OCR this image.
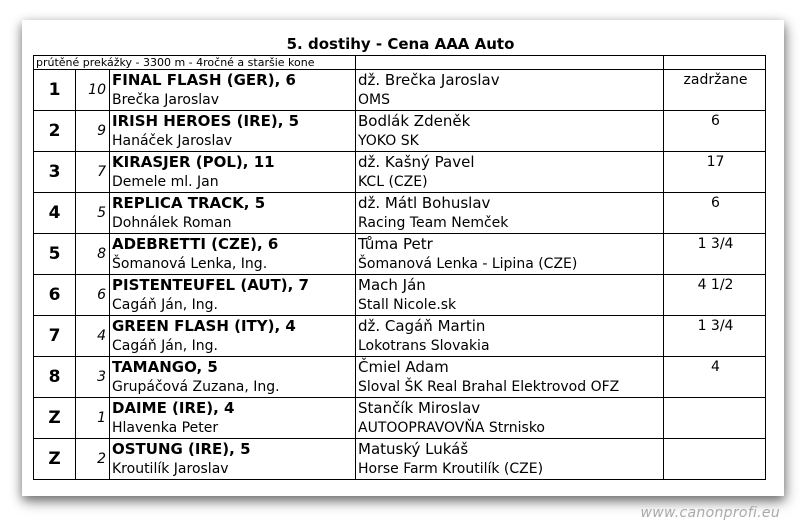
5. dostihy - Cena AAA Auto				
prútěné prekážky - 3300 m - 4ročné a staršie kone				
1	10	FINAL FLASH (GER), 6	dž. Brečka Jaroslav	zadržane
		Brečka Jaroslav	OMS	
2	9	IRISH HEROES (IRE), 5	Bodlák Zdeněk	6
		Hanáček Jaroslav	YOKO SK	
3	7	KIRASJER (POL), 11	dž. Kašný Pavel	17
		Demele ml. Jan	KCL (CZE)	
4	5	REPLICA TRACK, 5	dž. Mátl Bohuslav	6
		Dohnálek Roman	Racing Team Nemček	
5	8	ADEBRETTI (CZE), 6	Tůma Petr	1 3/4
		Šomanová Lenka, Ing.	Šomanová Lenka - Lipina (CZE)	
6	6	PISTENTEUFEL (AUT), 7	Mach Ján	4 1/2
		Cagáň Ján, Ing.	Stall Nicole.sk	
7	4	GREEN FLASH (ITY), 4	dž. Cagáň Martin	1 3/4
		Cagáň Ján, Ing.	Lokotrans Slovakia	
8	3	TAMANGO, 5	Čmiel Adam	4
		Grupáčová Zuzana, Ing.	Sloval ŠK Real Brahal Elektrovod OFZ	
Z	1	DAIME (IRE), 4	Stančík Miroslav	
		Hlavenka Peter	AUTOOPRAVOVŇA Strnisko	
Z	2	OSTUNG (IRE), 5	Matuský Lukáš	
		Kroutilík Jaroslav	Horse Farm Kroutilík (CZE)	
www.canonprofi.eu
